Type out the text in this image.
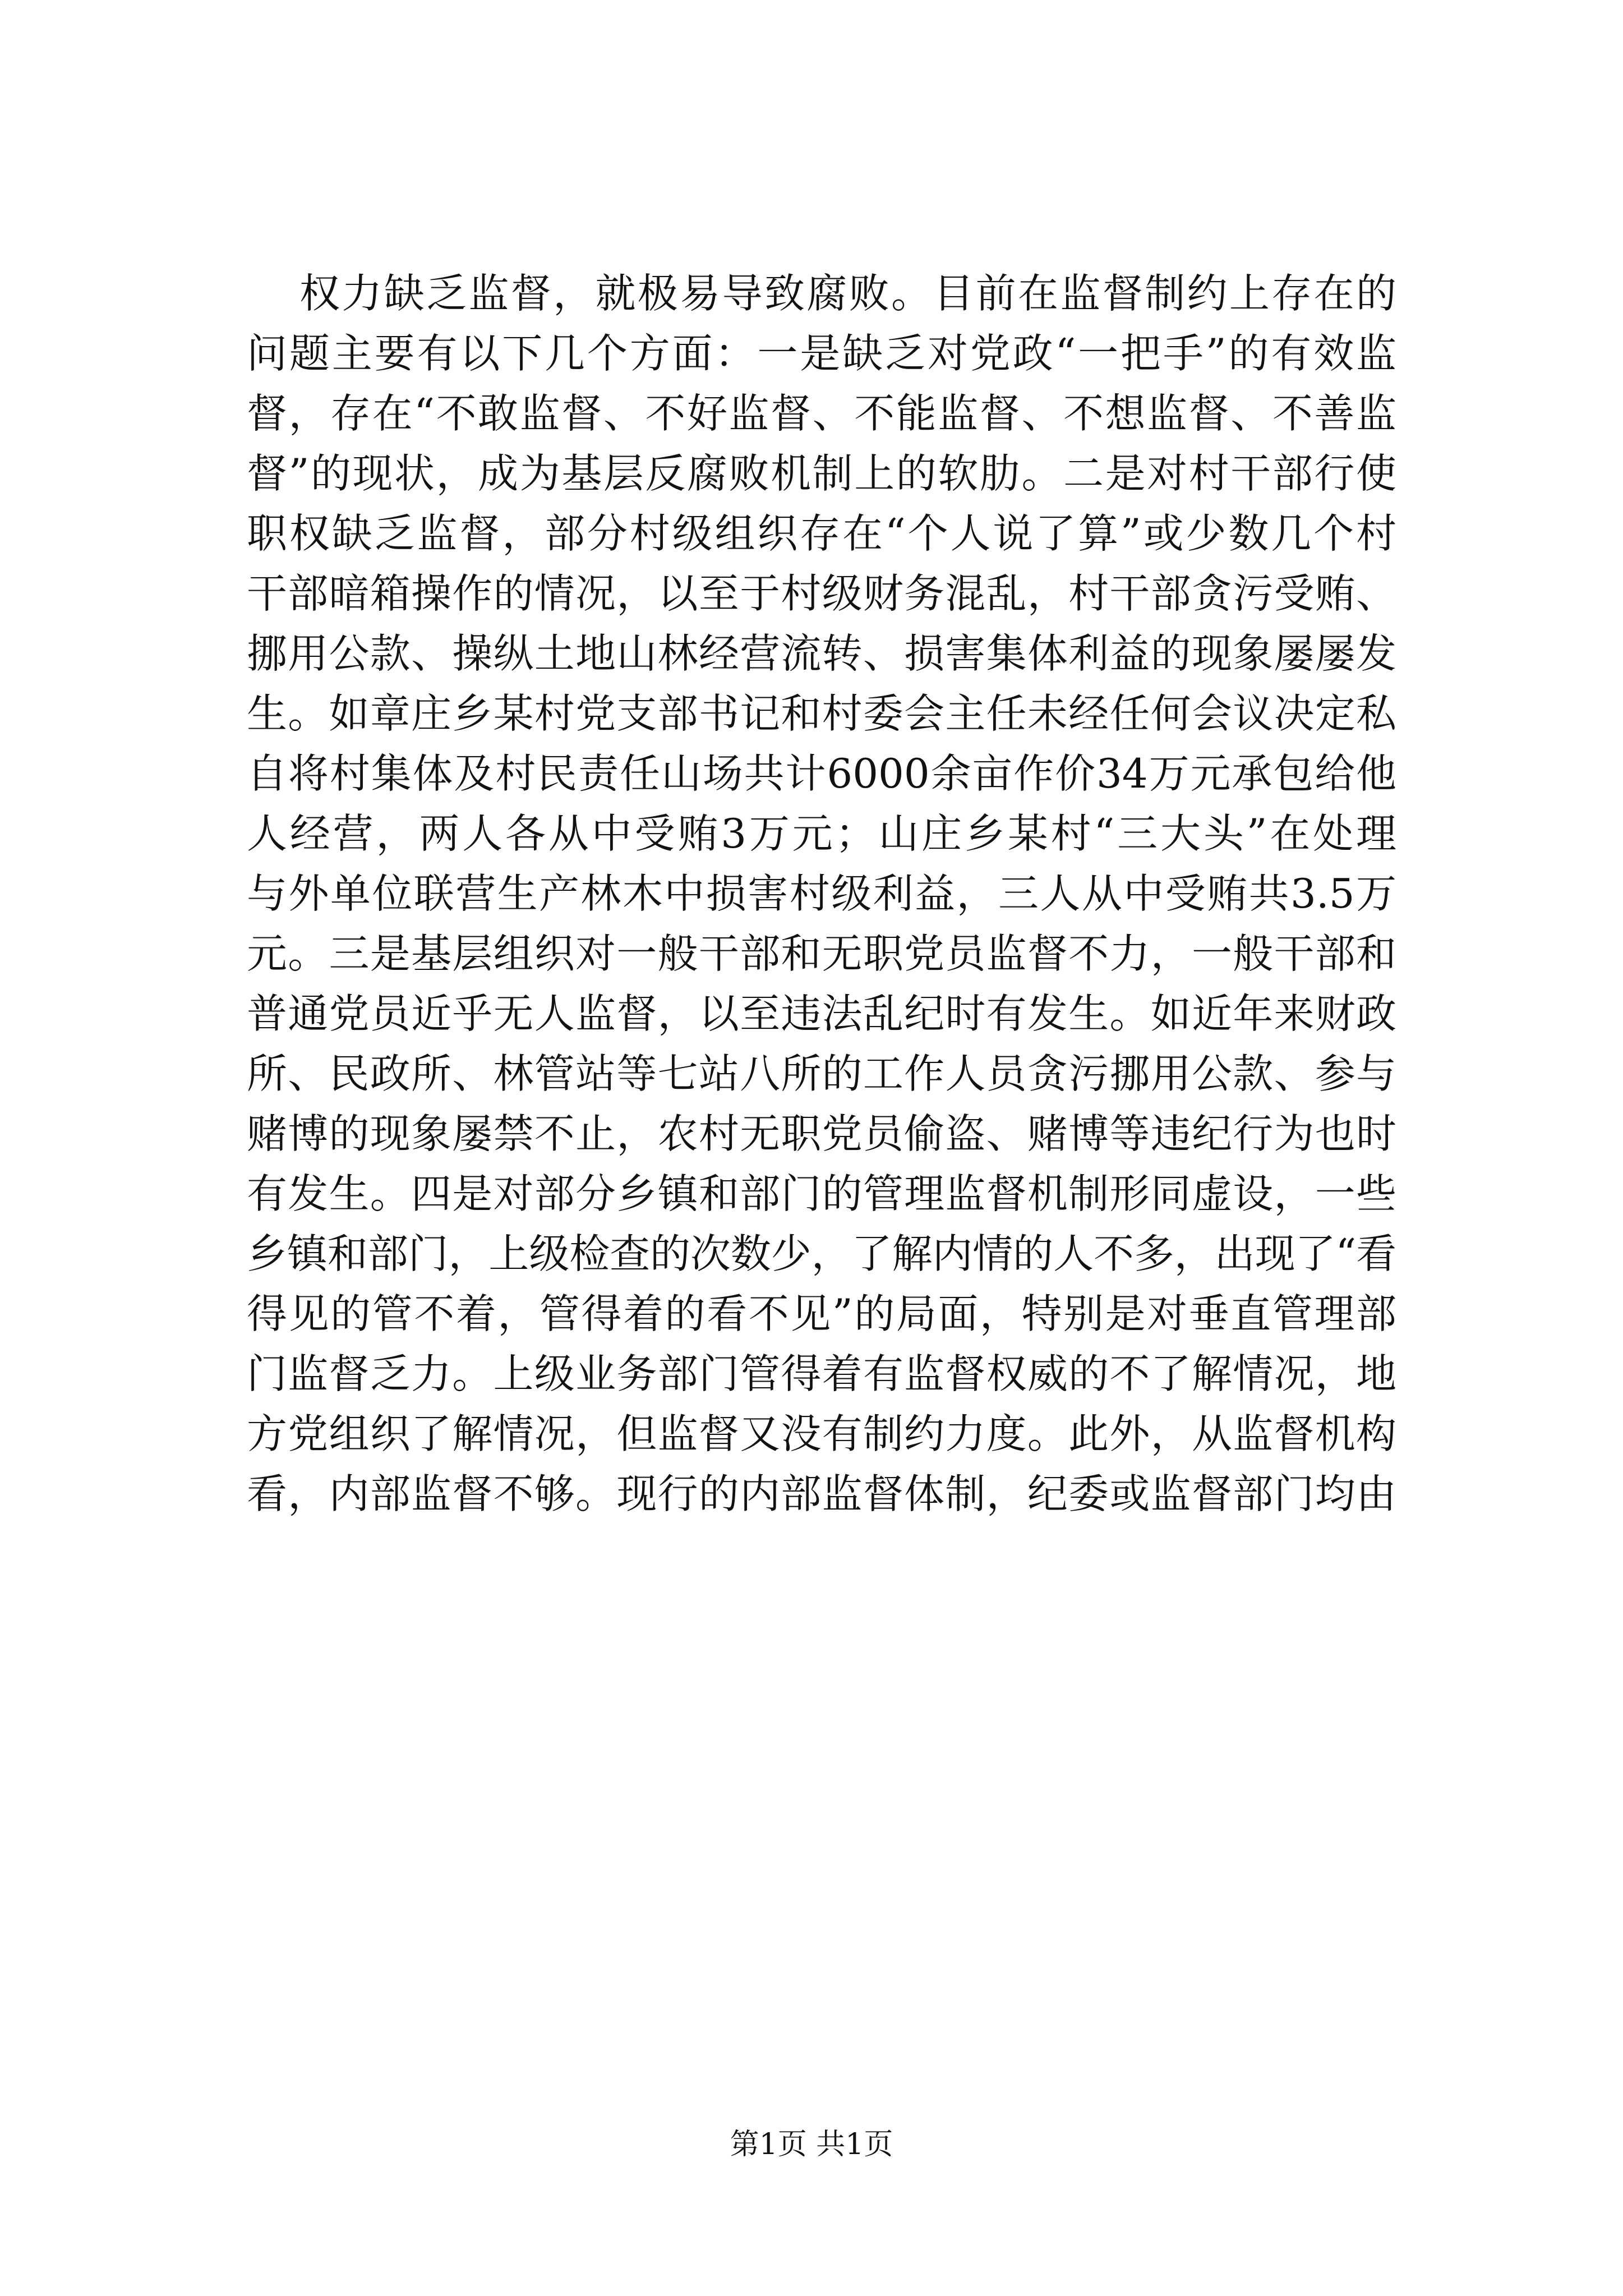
权力缺乏监督，就极易导致腐败。目前在监督制约上存在的
问题主要有以下几个方面：一是缺乏对党政“一把手”的有效监
督，存在“不敢监督、不好监督、不能监督、不想监督、不善监
督”的现状，成为基层反腐败机制上的软肋。二是对村干部行使
职权缺乏监督，部分村级组织存在“个人说了算”或少数几个村
干部暗箱操作的情况，以至于村级财务混乱，村干部贪污受贿、
挪用公款、操纵土地山林经营流转、损害集体利益的现象屡屡发
生。如章庄乡某村党支部书记和村委会主任未经任何会议决定私
自将村集体及村民责任山场共计6000余亩作价34万元承包给他
人经营，两人各从中受贿3万元；山庄乡某村“三大头”在处理
与外单位联营生产林木中损害村级利益，三人从中受贿共3.5万
元。三是基层组织对一般干部和无职党员监督不力，一般干部和
普通党员近乎无人监督，以至违法乱纪时有发生。如近年来财政
所、民政所、林管站等七站八所的工作人员贪污挪用公款、参与
赌博的现象屡禁不止，农村无职党员偷盗、赌博等违纪行为也时
有发生。四是对部分乡镇和部门的管理监督机制形同虚设，一些
乡镇和部门，上级检查的次数少，了解内情的人不多，出现了“看
得见的管不着，管得着的看不见”的局面，特别是对垂直管理部
门监督乏力。上级业务部门管得着有监督权威的不了解情况，地
方党组织了解情况，但监督又没有制约力度。此外，从监督机构
看，内部监督不够。现行的内部监督体制，纪委或监督部门均由
第1页 共1页
